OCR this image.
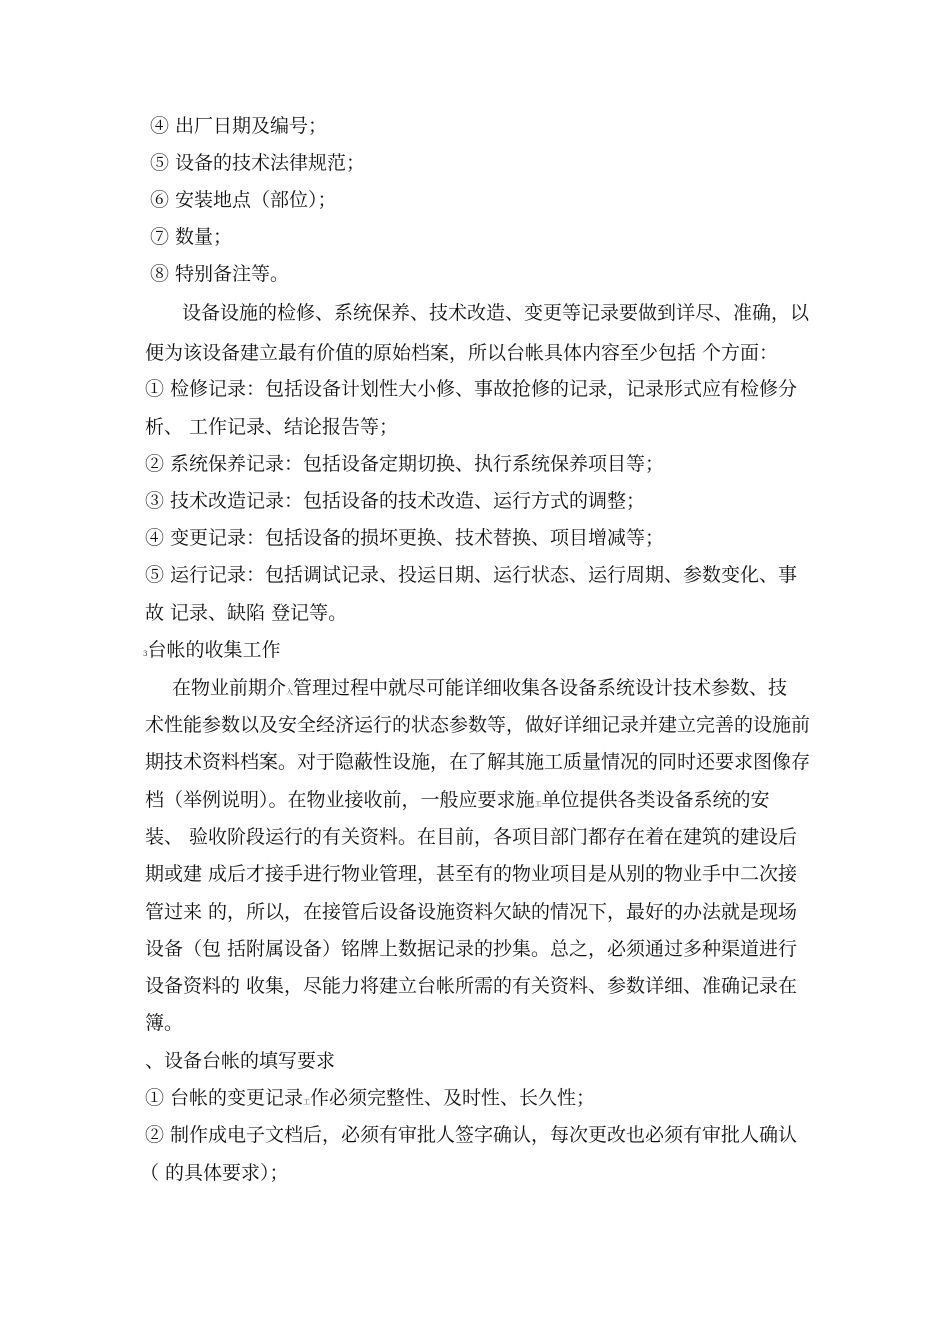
④ 出厂日期及编号；
⑤ 设备的技术法律规范；
⑥ 安装地点（部位）；
⑦ 数量；
⑧ 特别备注等。
设备设施的检修、系统保养、技术改造、变更等记录要做到详尽、准确，以
便为该设备建立最有价值的原始档案，所以台帐具体内容至少包括 个方面：
① 检修记录：包括设备计划性大小修、事故抢修的记录，记录形式应有检修分
析、 工作记录、结论报告等；
② 系统保养记录：包括设备定期切换、执行系统保养项目等；
③ 技术改造记录：包括设备的技术改造、运行方式的调整；
④ 变更记录：包括设备的损坏更换、技术替换、项目增减等；
⑤ 运行记录：包括调试记录、投运日期、运行状态、运行周期、参数变化、事
故 记录、缺陷 登记等。
3台帐的收集工作
在物业前期介入管理过程中就尽可能详细收集各设备系统设计技术参数、技
术性能参数以及安全经济运行的状态参数等，做好详细记录并建立完善的设施前
期技术资料档案。对于隐蔽性设施，在了解其施工质量情况的同时还要求图像存
档（举例说明）。在物业接收前，一般应要求施工单位提供各类设备系统的安
装、 验收阶段运行的有关资料。在目前，各项目部门都存在着在建筑的建设后
期或建 成后才接手进行物业管理，甚至有的物业项目是从别的物业手中二次接
管过来 的，所以，在接管后设备设施资料欠缺的情况下，最好的办法就是现场
设备（包 括附属设备）铭牌上数据记录的抄集。总之，必须通过多种渠道进行
设备资料的 收集，尽能力将建立台帐所需的有关资料、参数详细、准确记录在
簿。
、设备台帐的填写要求
① 台帐的变更记录工作必须完整性、及时性、长久性；
② 制作成电子文档后，必须有审批人签字确认，每次更改也必须有审批人确认
（ 的具体要求）；
